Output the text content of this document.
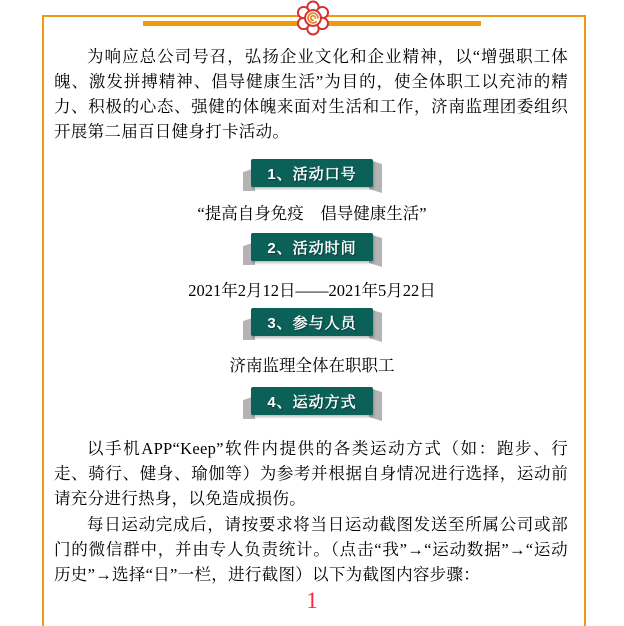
为响应总公司号召，弘扬企业文化和企业精神，以“增强职工体魄、激发拼搏精神、倡导健康生活”为目的，使全体职工以充沛的精力、积极的心态、强健的体魄来面对生活和工作，济南监理团委组织开展第二届百日健身打卡活动。

1、活动口号

“提高自身免疫　倡导健康生活”

2、活动时间

2021年2月12日——2021年5月22日

3、参与人员

济南监理全体在职职工

4、运动方式

以手机APP“Keep”软件内提供的各类运动方式（如：跑步、行走、骑行、健身、瑜伽等）为参考并根据自身情况进行选择，运动前请充分进行热身，以免造成损伤。

每日运动完成后，请按要求将当日运动截图发送至所属公司或部门的微信群中，并由专人负责统计。（点击“我”→“运动数据”→“运动历史”→选择“日”一栏，进行截图）以下为截图内容步骤：

1
